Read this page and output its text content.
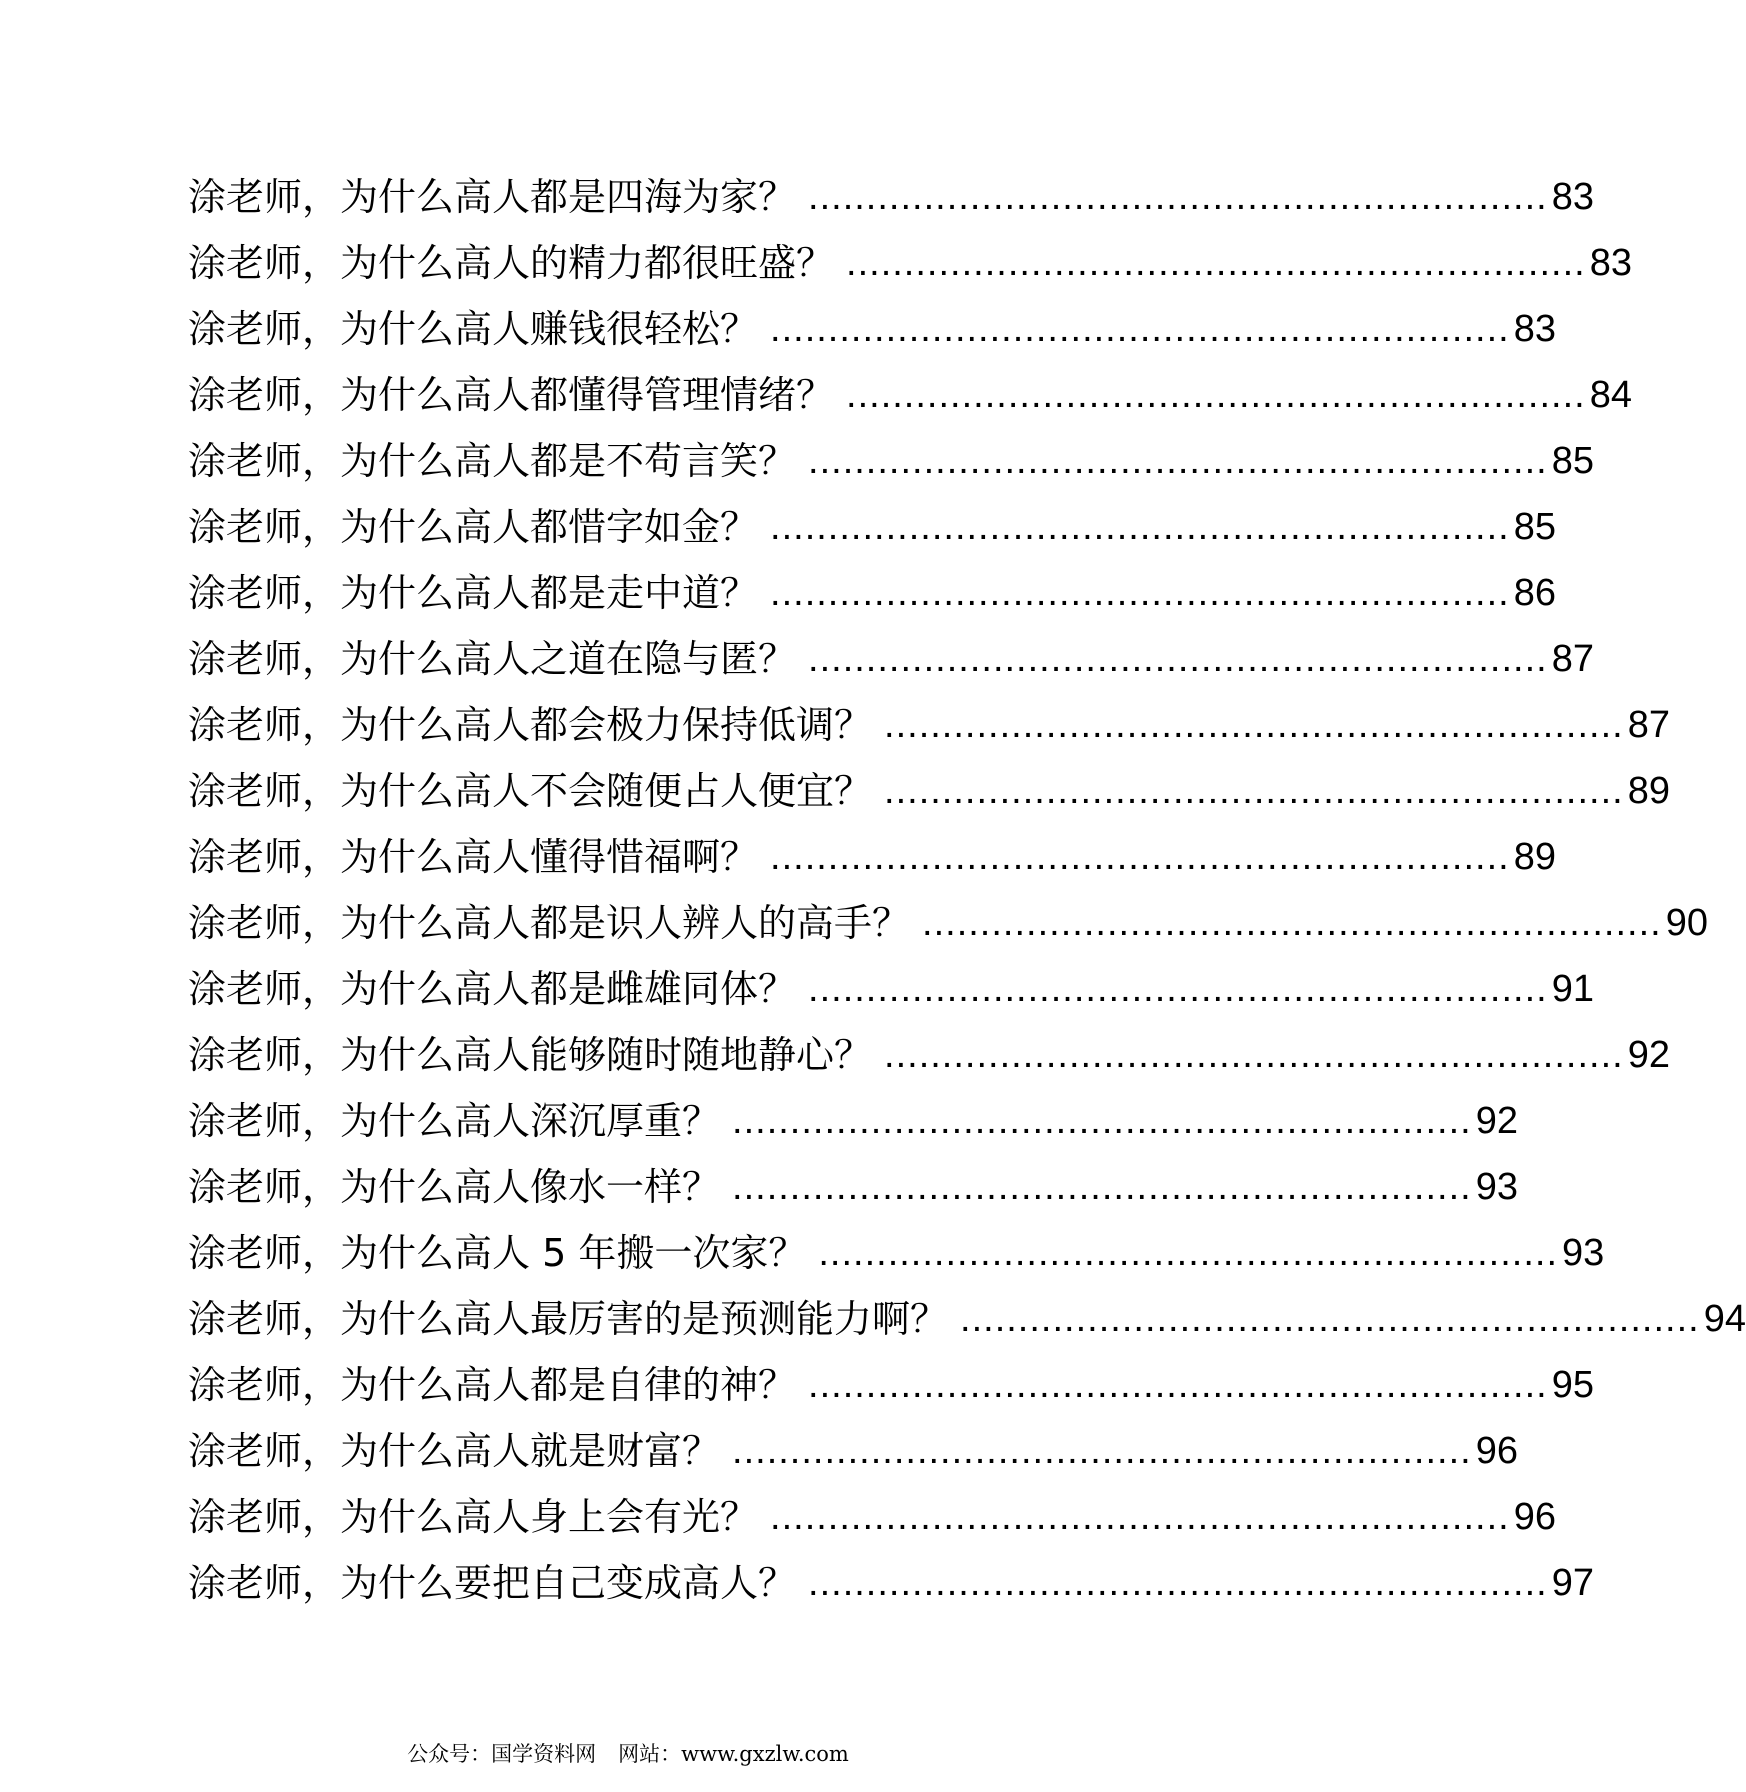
涂老师，为什么高人都是四海为家？ ................................................................ 83
涂老师，为什么高人的精力都很旺盛？ ................................................................ 83
涂老师，为什么高人赚钱很轻松？ ................................................................ 83
涂老师，为什么高人都懂得管理情绪？ ................................................................ 84
涂老师，为什么高人都是不苟言笑？ ................................................................ 85
涂老师，为什么高人都惜字如金？ ................................................................ 85
涂老师，为什么高人都是走中道？ ................................................................ 86
涂老师，为什么高人之道在隐与匿？ ................................................................ 87
涂老师，为什么高人都会极力保持低调？ ................................................................ 87
涂老师，为什么高人不会随便占人便宜？ ................................................................ 89
涂老师，为什么高人懂得惜福啊？ ................................................................ 89
涂老师，为什么高人都是识人辨人的高手？ ................................................................ 90
涂老师，为什么高人都是雌雄同体？ ................................................................ 91
涂老师，为什么高人能够随时随地静心？ ................................................................ 92
涂老师，为什么高人深沉厚重？ ................................................................ 92
涂老师，为什么高人像水一样？ ................................................................ 93
涂老师，为什么高人 5 年搬一次家？ ................................................................ 93
涂老师，为什么高人最厉害的是预测能力啊？ ................................................................ 94
涂老师，为什么高人都是自律的神？ ................................................................ 95
涂老师，为什么高人就是财富？ ................................................................ 96
涂老师，为什么高人身上会有光？ ................................................................ 96
涂老师，为什么要把自己变成高人？ ................................................................ 97
公众号：国学资料网 网站：www.gxzlw.com
